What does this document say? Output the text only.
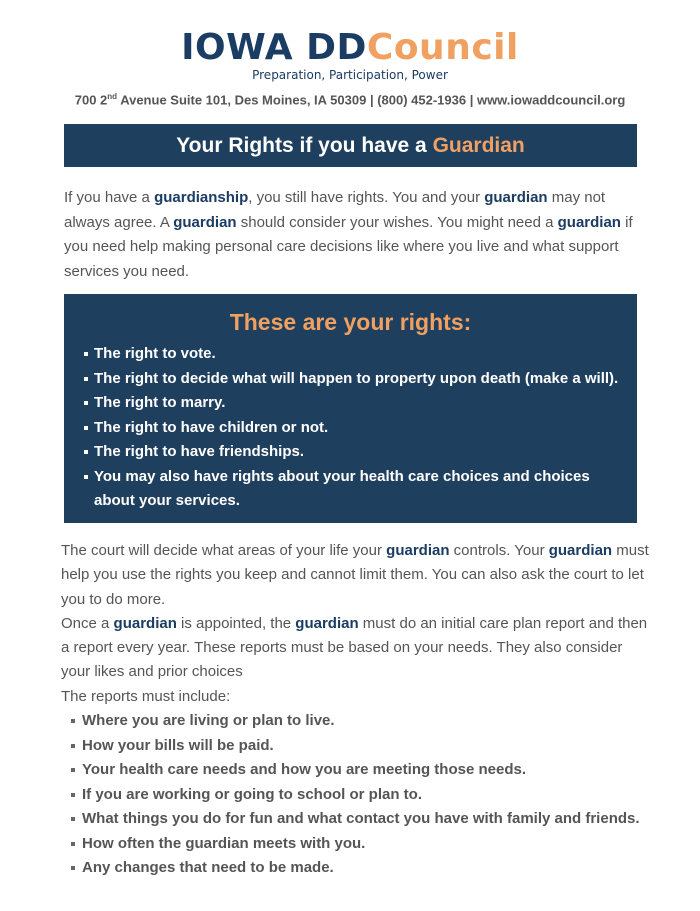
IOWA DDCouncil
Preparation, Participation, Power
700 2nd Avenue Suite 101, Des Moines, IA 50309 | (800) 452-1936 | www.iowaddcouncil.org
Your Rights if you have a Guardian
If you have a guardianship, you still have rights. You and your guardian may not always agree. A guardian should consider your wishes. You might need a guardian if you need help making personal care decisions like where you live and what support services you need.
These are your rights:
The right to vote.
The right to decide what will happen to property upon death (make a will).
The right to marry.
The right to have children or not.
The right to have friendships.
You may also have rights about your health care choices and choices about your services.

The court will decide what areas of your life your guardian controls. Your guardian must help you use the rights you keep and cannot limit them. You can also ask the court to let you to do more.

Once a guardian is appointed, the guardian must do an initial care plan report and then a report every year. These reports must be based on your needs. They also consider your likes and prior choices

The reports must include:

Where you are living or plan to live.
How your bills will be paid.
Your health care needs and how you are meeting those needs.
If you are working or going to school or plan to.
What things you do for fun and what contact you have with family and friends.
How often the guardian meets with you.
Any changes that need to be made.
